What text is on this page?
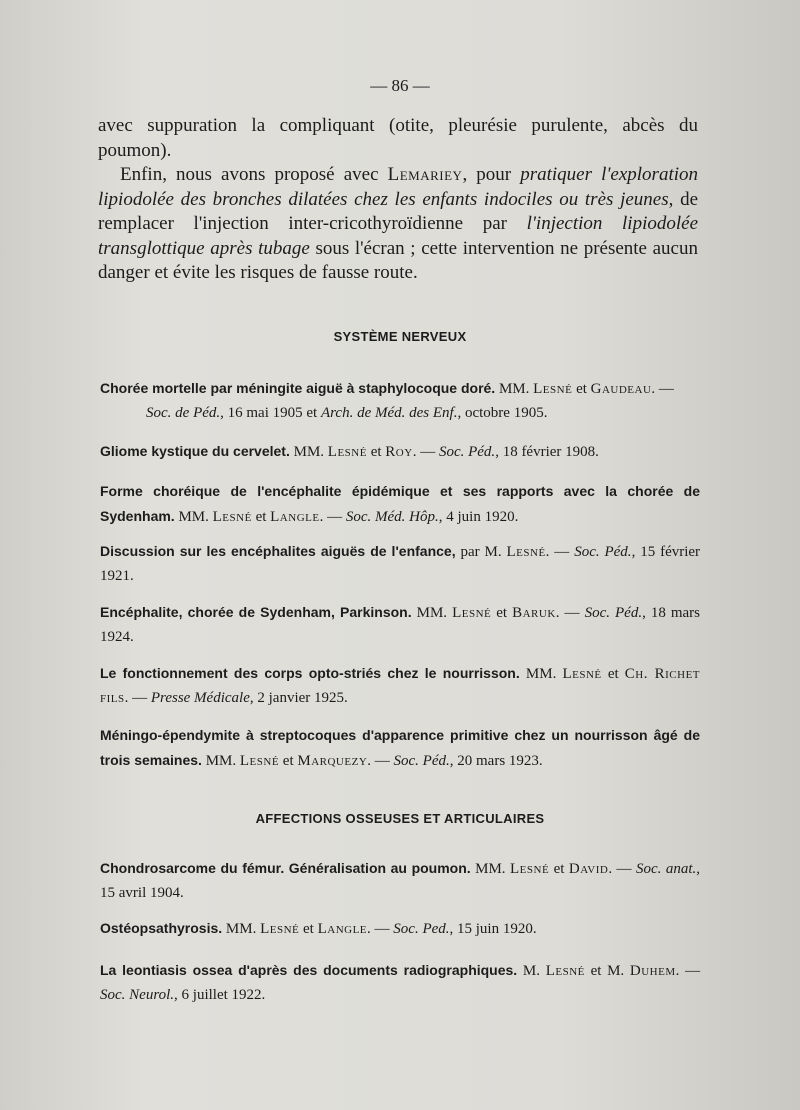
— 86 —

avec suppuration la compliquant (otite, pleurésie purulente, abcès du poumon).

Enfin, nous avons proposé avec Lemariey, pour pratiquer l'exploration lipiodolée des bronches dilatées chez les enfants indociles ou très jeunes, de remplacer l'injection inter-cricothyroïdienne par l'injection lipiodolée transglottique après tubage sous l'écran ; cette intervention ne présente aucun danger et évite les risques de fausse route.

SYSTÈME NERVEUX
Chorée mortelle par méningite aiguë à staphylocoque doré. MM. Lesné et Gaudeau. —
Soc. de Péd., 16 mai 1905 et Arch. de Méd. des Enf., octobre 1905.
Gliome kystique du cervelet. MM. Lesné et Roy. — Soc. Péd., 18 février 1908.
Forme choréique de l'encéphalite épidémique et ses rapports avec la chorée de Sydenham. MM. Lesné et Langle. — Soc. Méd. Hôp., 4 juin 1920.
Discussion sur les encéphalites aiguës de l'enfance, par M. Lesné. — Soc. Péd., 15 février 1921.
Encéphalite, chorée de Sydenham, Parkinson. MM. Lesné et Baruk. — Soc. Péd., 18 mars 1924.
Le fonctionnement des corps opto-striés chez le nourrisson. MM. Lesné et Ch. Richet fils. — Presse Médicale, 2 janvier 1925.
Méningo-épendymite à streptocoques d'apparence primitive chez un nourrisson âgé de trois semaines. MM. Lesné et Marquezy. — Soc. Péd., 20 mars 1923.
AFFECTIONS OSSEUSES ET ARTICULAIRES
Chondrosarcome du fémur. Généralisation au poumon. MM. Lesné et David. — Soc. anat., 15 avril 1904.
Ostéopsathyrosis. MM. Lesné et Langle. — Soc. Ped., 15 juin 1920.
La leontiasis ossea d'après des documents radiographiques. M. Lesné et M. Duhem. — Soc. Neurol., 6 juillet 1922.
